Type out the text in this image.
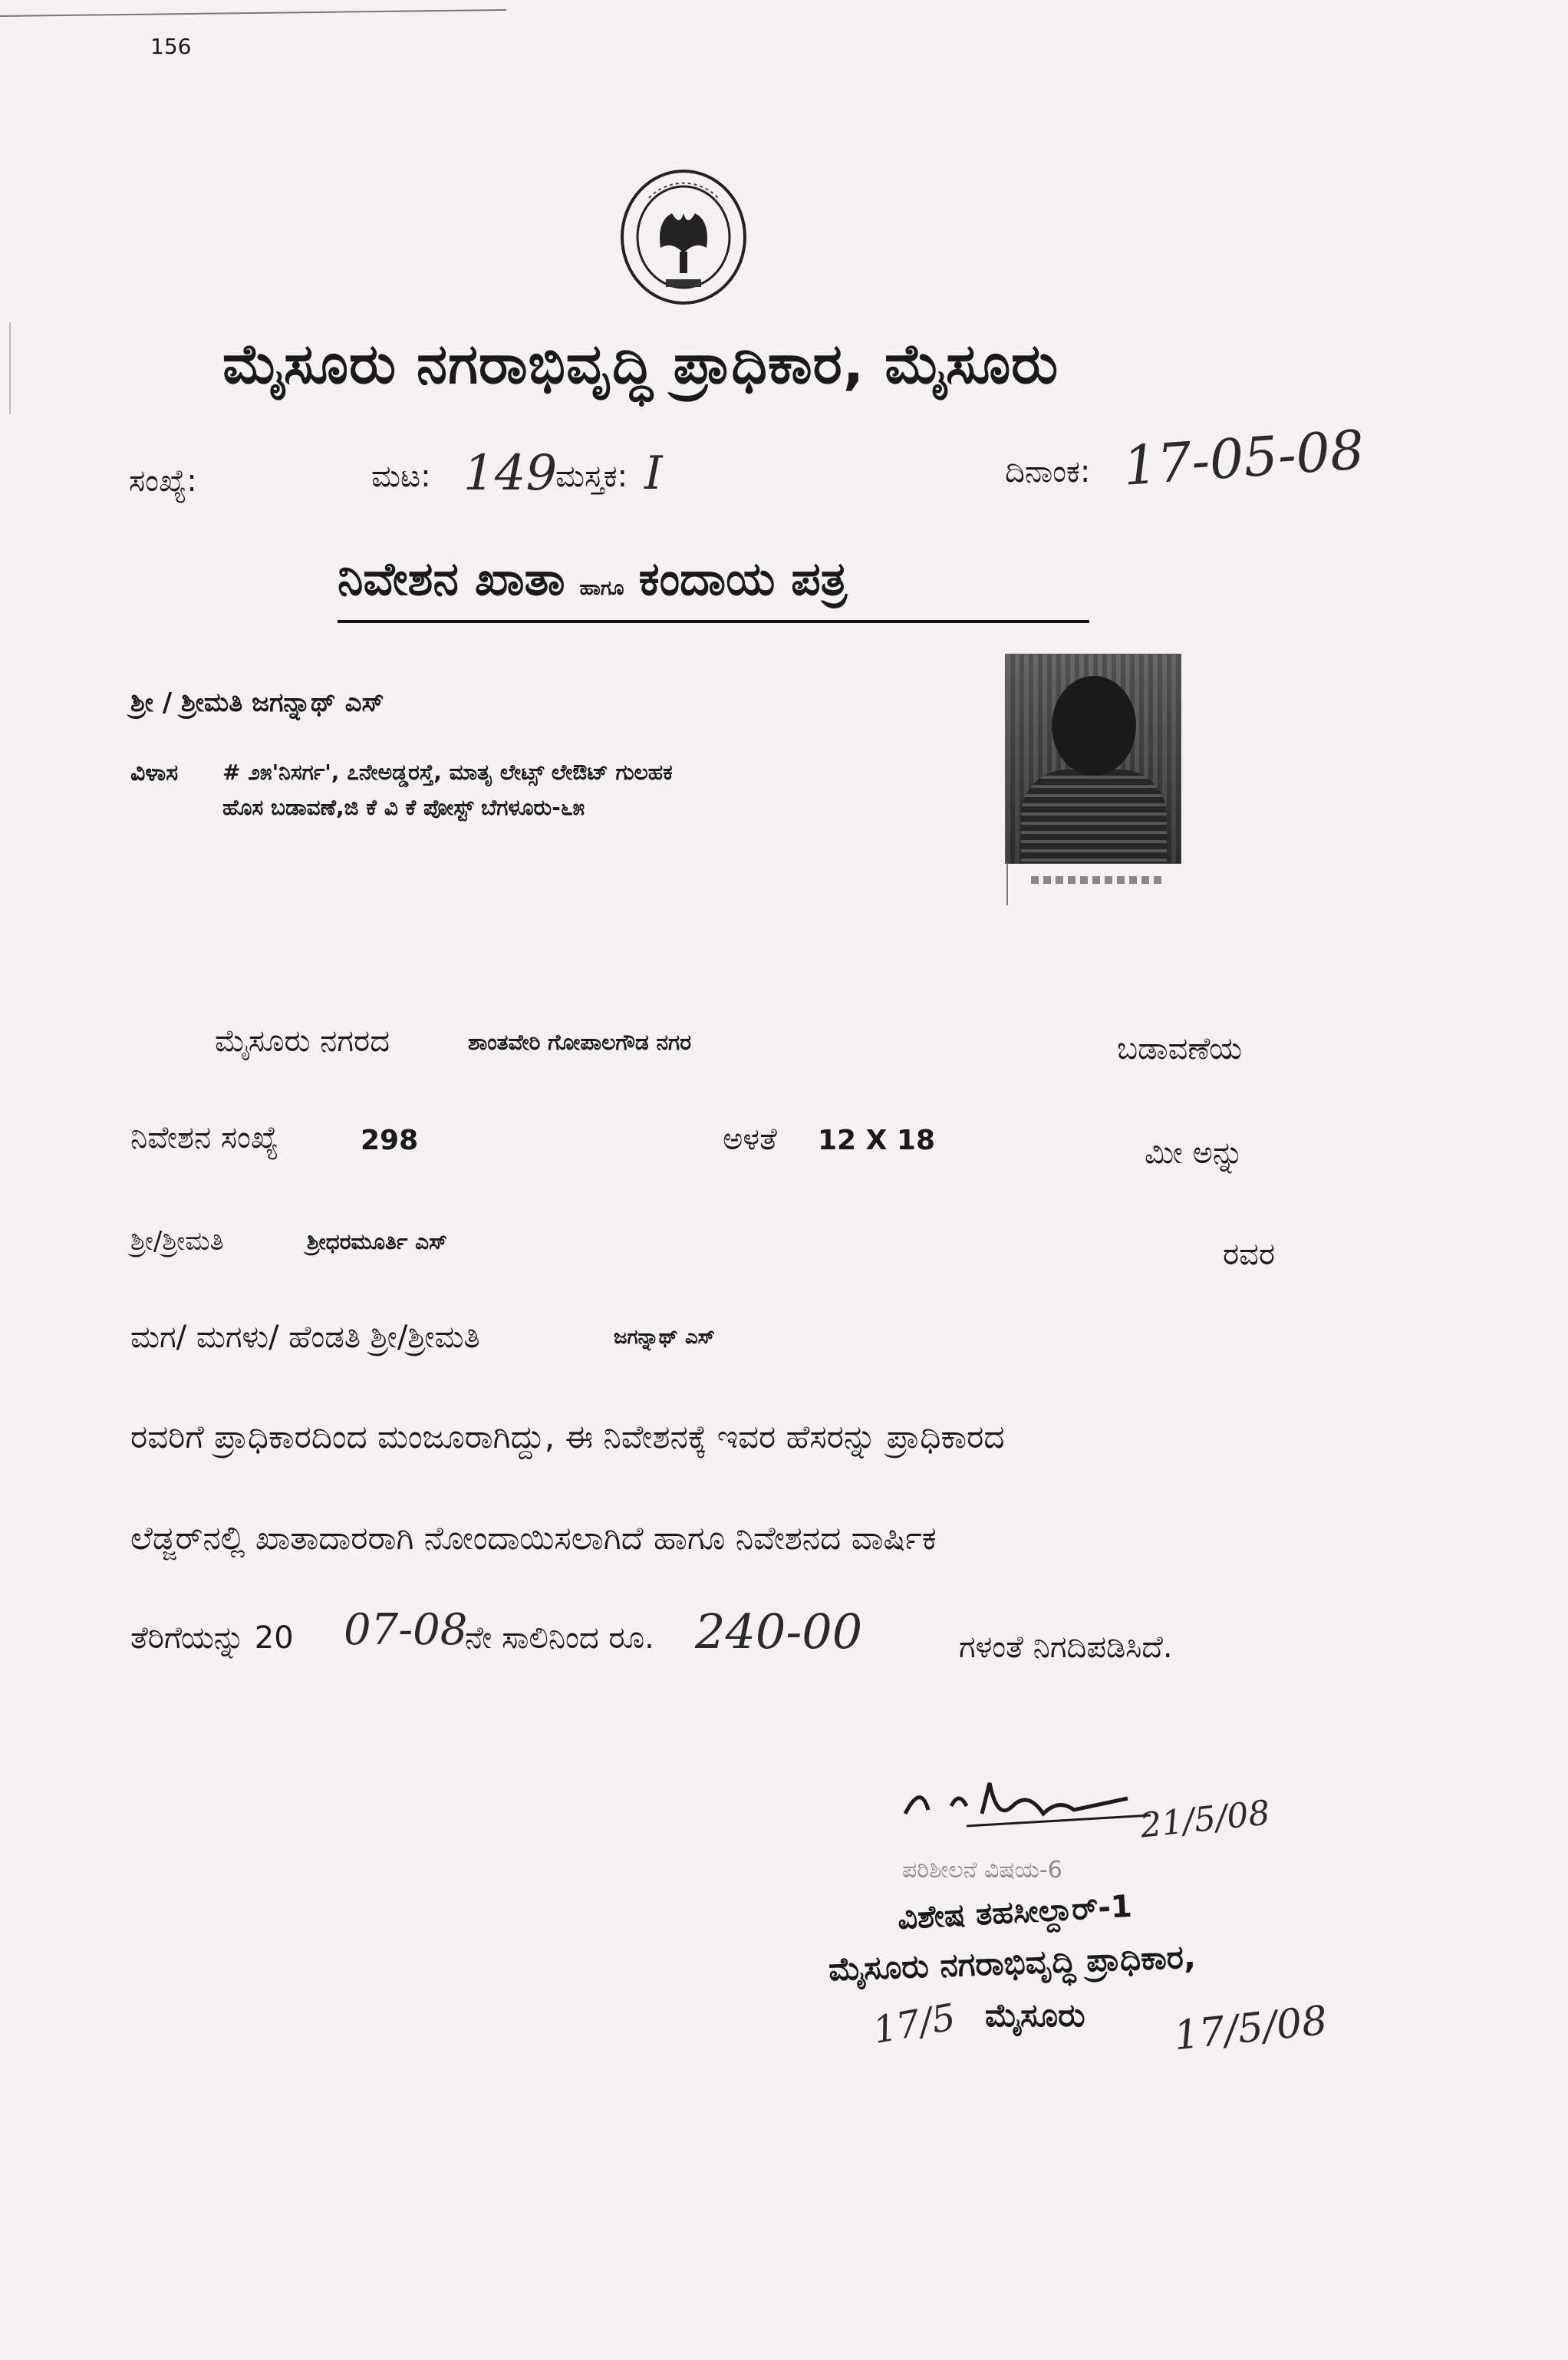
156
ಮೈಸೂರು ನಗರಾಭಿವೃದ್ಧಿ ಪ್ರಾಧಿಕಾರ, ಮೈಸೂರು
ಸಂಖ್ಯೆ:	ಮಟ: 149
ಮಸ್ತಕ: I	ದಿನಾಂಕ: 17-05-08
ನಿವೇಶನ ಖಾತಾ ಹಾಗೂ ಕಂದಾಯ ಪತ್ರ
ಶ್ರೀ / ಶ್ರೀಮತಿ ಜಗನ್ನಾಥ್ ಎಸ್
ವಿಳಾಸ # ೨೫'ನಿಸರ್ಗ', ೭ನೇಅಡ್ಡರಸ್ತೆ, ಮಾತೃ ಲೇಟ್ಸ್ ಲೇಔಟ್ ಗುಲಹಕ
ಹೊಸ ಬಡಾವಣೆ,ಜಿ ಕೆ ವಿ ಕೆ ಪೋಸ್ಟ್ ಬೆಗಳೂರು-೬೫
ಮೈಸೂರು ನಗರದ	ಶಾಂತವೇರಿ ಗೋಪಾಲಗೌಡ ನಗರ	ಬಡಾವಣೆಯ
ನಿವೇಶನ ಸಂಖ್ಯೆ	298	ಅಳತೆ 12 X 18	ಮೀ ಅನ್ನು
ಶ್ರೀ/ಶ್ರೀಮತಿ	ಶ್ರೀಧರಮೂರ್ತಿ ಎಸ್	ರವರ
ಮಗ/ ಮಗಳು/ ಹೆಂಡತಿ ಶ್ರೀ/ಶ್ರೀಮತಿ	ಜಗನ್ನಾಥ್ ಎಸ್
ರವರಿಗೆ ಪ್ರಾಧಿಕಾರದಿಂದ ಮಂಜೂರಾಗಿದ್ದು, ಈ ನಿವೇಶನಕ್ಕೆ ಇವರ ಹೆಸರನ್ನು ಪ್ರಾಧಿಕಾರದ
ಲೆಡ್ಜರ್‌ನಲ್ಲಿ ಖಾತಾದಾರರಾಗಿ ನೋಂದಾಯಿಸಲಾಗಿದೆ ಹಾಗೂ ನಿವೇಶನದ ವಾರ್ಷಿಕ
ತೆರಿಗೆಯನ್ನು 20 07-08
ನೇ ಸಾಲಿನಿಂದ ರೂ. 240-00	ಗಳಂತೆ ನಿಗದಿಪಡಿಸಿದೆ.
21/5/08
ಪರಿಶೀಲನೆ ವಿಷಯ-6
ವಿಶೇಷ ತಹಸೀಲ್ದಾರ್-1
ಮೈಸೂರು ನಗರಾಭಿವೃದ್ಧಿ ಪ್ರಾಧಿಕಾರ,
ಮೈಸೂರು
17/5	17/5/08
